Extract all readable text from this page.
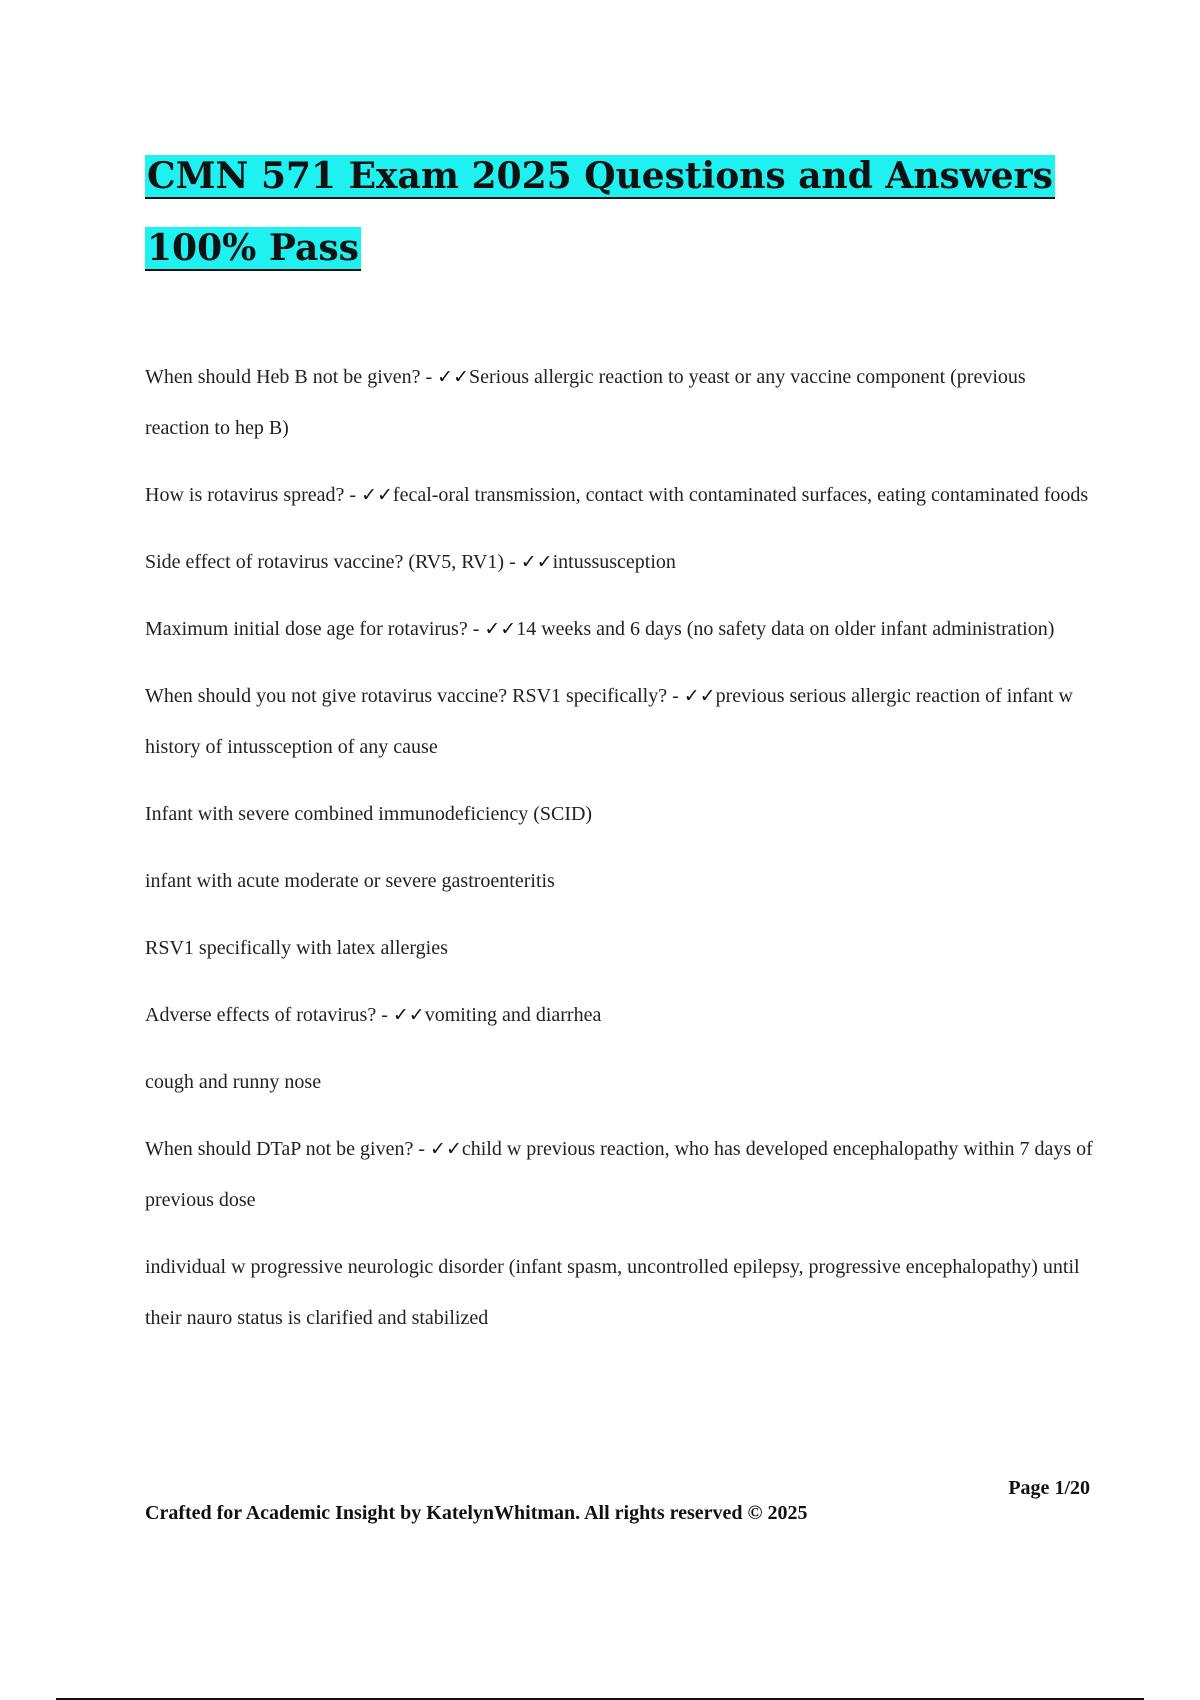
CMN 571 Exam 2025 Questions and Answers 100% Pass

When should Heb B not be given? - ✓✓Serious allergic reaction to yeast or any vaccine component (previous reaction to hep B)

How is rotavirus spread? - ✓✓fecal-oral transmission, contact with contaminated surfaces, eating contaminated foods

Side effect of rotavirus vaccine? (RV5, RV1) - ✓✓intussusception

Maximum initial dose age for rotavirus? - ✓✓14 weeks and 6 days (no safety data on older infant administration)

When should you not give rotavirus vaccine? RSV1 specifically? - ✓✓previous serious allergic reaction of infant w history of intussception of any cause

Infant with severe combined immunodeficiency (SCID)

infant with acute moderate or severe gastroenteritis

RSV1 specifically with latex allergies

Adverse effects of rotavirus? - ✓✓vomiting and diarrhea

cough and runny nose

When should DTaP not be given? - ✓✓child w previous reaction, who has developed encephalopathy within 7 days of previous dose

individual w progressive neurologic disorder (infant spasm, uncontrolled epilepsy, progressive encephalopathy) until their nauro status is clarified and stabilized

Page 1/20
Crafted for Academic Insight by KatelynWhitman. All rights reserved © 2025
